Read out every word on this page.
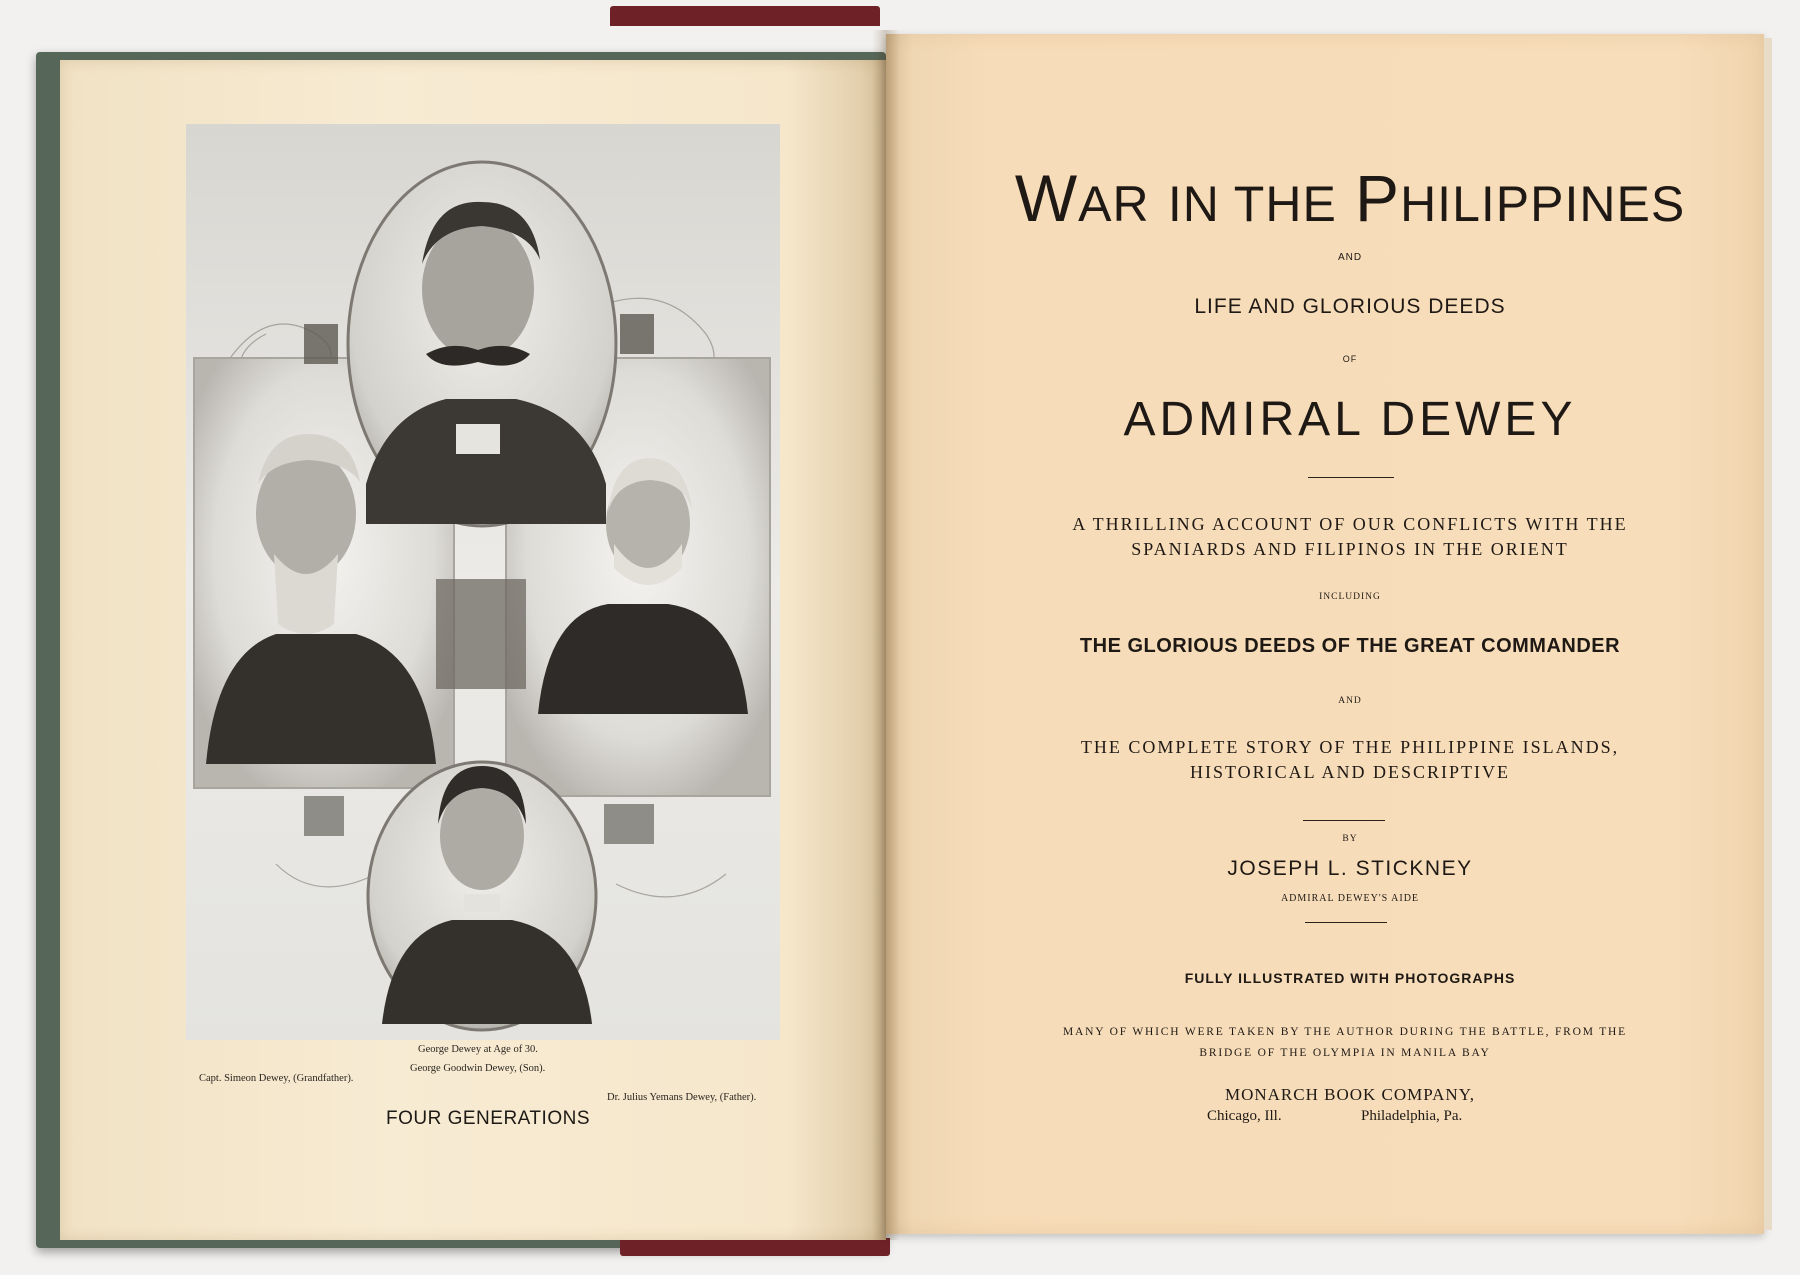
George Dewey at Age of 30.
George Goodwin Dewey, (Son).
Capt. Simeon Dewey, (Grandfather).
Dr. Julius Yemans Dewey, (Father).
FOUR GENERATIONS
WAR IN THE PHILIPPINES
AND
LIFE AND GLORIOUS DEEDS
OF
ADMIRAL DEWEY
A THRILLING ACCOUNT OF OUR CONFLICTS WITH THE
SPANIARDS AND FILIPINOS IN THE ORIENT
INCLUDING
THE GLORIOUS DEEDS OF THE GREAT COMMANDER
AND
THE COMPLETE STORY OF THE PHILIPPINE ISLANDS,
HISTORICAL AND DESCRIPTIVE
BY
JOSEPH L. STICKNEY
ADMIRAL DEWEY'S AIDE
FULLY ILLUSTRATED WITH PHOTOGRAPHS
MANY OF WHICH WERE TAKEN BY THE AUTHOR DURING THE BATTLE, FROM THE
BRIDGE OF THE OLYMPIA IN MANILA BAY
MONARCH BOOK COMPANY,
Chicago, Ill.	Philadelphia, Pa.
